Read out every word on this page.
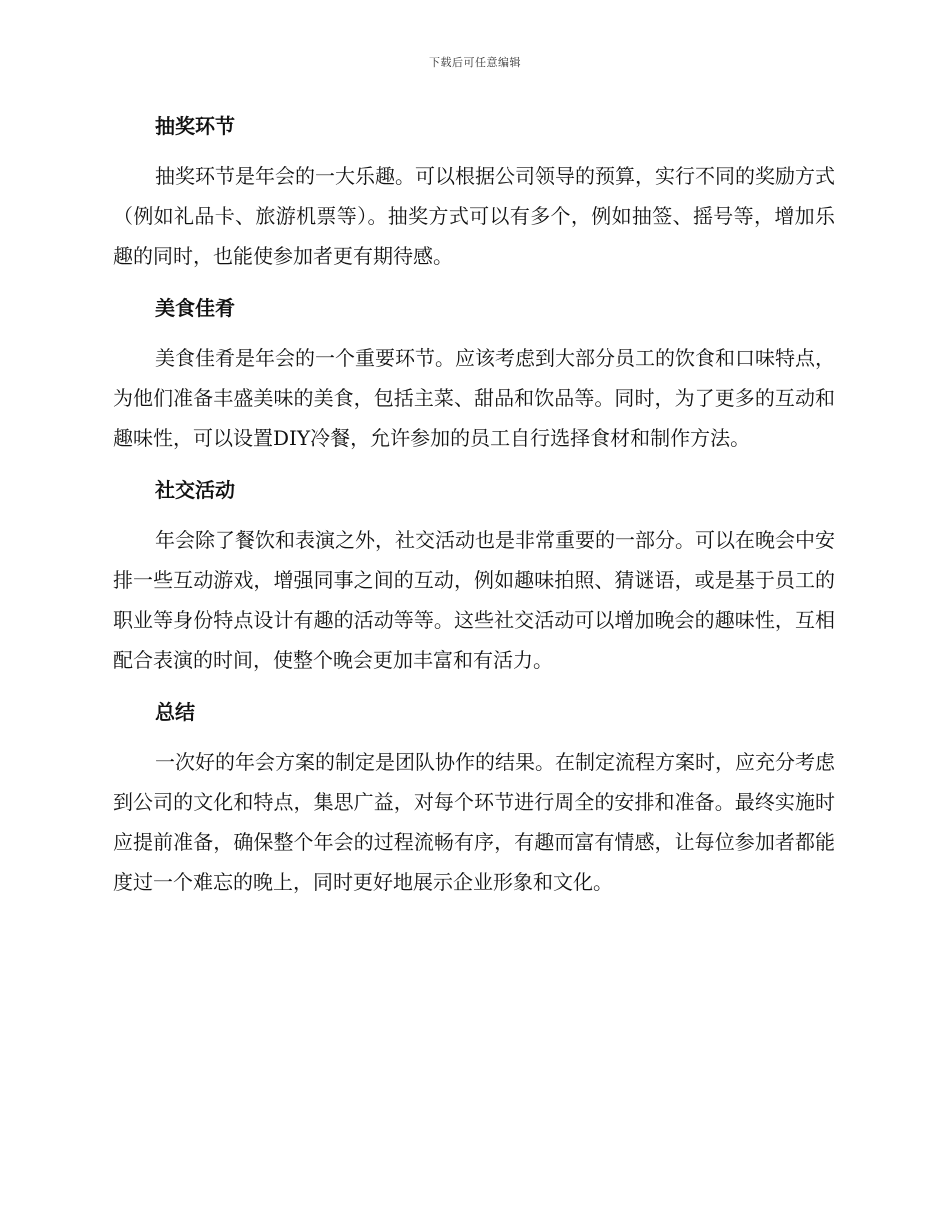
下载后可任意编辑
抽奖环节

抽奖环节是年会的一大乐趣。可以根据公司领导的预算，实行不同的奖励方式（例如礼品卡、旅游机票等）。抽奖方式可以有多个，例如抽签、摇号等，增加乐趣的同时，也能使参加者更有期待感。

美食佳肴

美食佳肴是年会的一个重要环节。应该考虑到大部分员工的饮食和口味特点，为他们准备丰盛美味的美食，包括主菜、甜品和饮品等。同时，为了更多的互动和趣味性，可以设置DIY冷餐，允许参加的员工自行选择食材和制作方法。

社交活动

年会除了餐饮和表演之外，社交活动也是非常重要的一部分。可以在晚会中安排一些互动游戏，增强同事之间的互动，例如趣味拍照、猜谜语，或是基于员工的职业等身份特点设计有趣的活动等等。这些社交活动可以增加晚会的趣味性，互相配合表演的时间，使整个晚会更加丰富和有活力。

总结

一次好的年会方案的制定是团队协作的结果。在制定流程方案时，应充分考虑到公司的文化和特点，集思广益，对每个环节进行周全的安排和准备。最终实施时应提前准备，确保整个年会的过程流畅有序，有趣而富有情感，让每位参加者都能度过一个难忘的晚上，同时更好地展示企业形象和文化。
